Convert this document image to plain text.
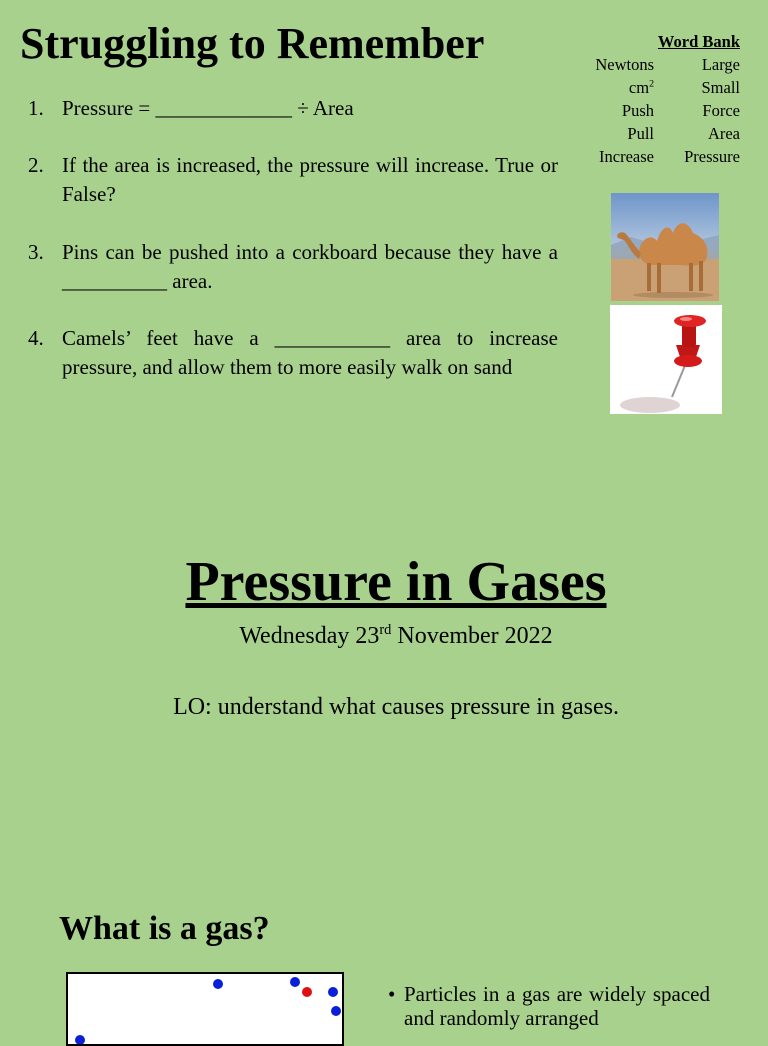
Struggling to Remember
1. Pressure = _____________ ÷ Area
2. If the area is increased, the pressure will increase. True or False?
3. Pins can be pushed into a corkboard because they have a __________ area.
4. Camels’ feet have a ___________ area to increase pressure, and allow them to more easily walk on sand
Word Bank
Newtons	Large
$cm^2$	Small
Push	Force
Pull	Area
Increase	Pressure
Pressure in Gases
Wednesday 23rd November 2022
LO: understand what causes pressure in gases.
What is a gas?
• Particles in a gas are widely spaced and randomly arranged
